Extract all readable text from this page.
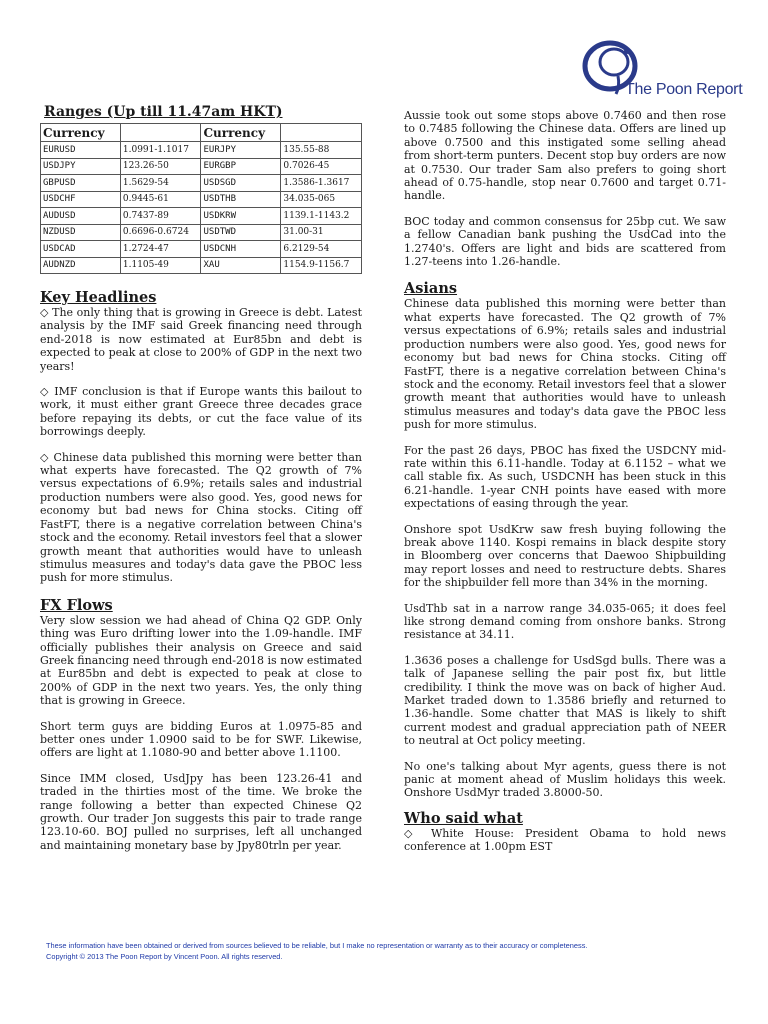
The Poon Report
Ranges (Up till 11.47am HKT)
Currency		Currency	
EURUSD	1.0991-1.1017	EURJPY	135.55-88
USDJPY	123.26-50	EURGBP	0.7026-45
GBPUSD	1.5629-54	USDSGD	1.3586-1.3617
USDCHF	0.9445-61	USDTHB	34.035-065
AUDUSD	0.7437-89	USDKRW	1139.1-1143.2
NZDUSD	0.6696-0.6724	USDTWD	31.00-31
USDCAD	1.2724-47	USDCNH	6.2129-54
AUDNZD	1.1105-49	XAU	1154.9-1156.7
Key Headlines

◇ The only thing that is growing in Greece is debt. Latest analysis by the IMF said Greek financing need through end-2018 is now estimated at Eur85bn and debt is expected to peak at close to 200% of GDP in the next two years!

◇ IMF conclusion is that if Europe wants this bailout to work, it must either grant Greece three decades grace before repaying its debts, or cut the face value of its borrowings deeply.

◇ Chinese data published this morning were better than what experts have forecasted. The Q2 growth of 7% versus expectations of 6.9%; retails sales and industrial production numbers were also good. Yes, good news for economy but bad news for China stocks. Citing off FastFT, there is a negative correlation between China's stock and the economy. Retail investors feel that a slower growth meant that authorities would have to unleash stimulus measures and today's data gave the PBOC less push for more stimulus.

FX Flows

Very slow session we had ahead of China Q2 GDP. Only thing was Euro drifting lower into the 1.09-handle. IMF officially publishes their analysis on Greece and said Greek financing need through end-2018 is now estimated at Eur85bn and debt is expected to peak at close to 200% of GDP in the next two years. Yes, the only thing that is growing in Greece.

Short term guys are bidding Euros at 1.0975-85 and better ones under 1.0900 said to be for SWF. Likewise, offers are light at 1.1080-90 and better above 1.1100.

Since IMM closed, UsdJpy has been 123.26-41 and traded in the thirties most of the time. We broke the range following a better than expected Chinese Q2 growth. Our trader Jon suggests this pair to trade range 123.10-60. BOJ pulled no surprises, left all unchanged and maintaining monetary base by Jpy80trln per year.

Aussie took out some stops above 0.7460 and then rose to 0.7485 following the Chinese data. Offers are lined up above 0.7500 and this instigated some selling ahead from short-term punters. Decent stop buy orders are now at 0.7530. Our trader Sam also prefers to going short ahead of 0.75-handle, stop near 0.7600 and target 0.71-handle.

BOC today and common consensus for 25bp cut. We saw a fellow Canadian bank pushing the UsdCad into the 1.2740's. Offers are light and bids are scattered from 1.27-teens into 1.26-handle.

Asians

Chinese data published this morning were better than what experts have forecasted. The Q2 growth of 7% versus expectations of 6.9%; retails sales and industrial production numbers were also good. Yes, good news for economy but bad news for China stocks. Citing off FastFT, there is a negative correlation between China's stock and the economy. Retail investors feel that a slower growth meant that authorities would have to unleash stimulus measures and today's data gave the PBOC less push for more stimulus.

For the past 26 days, PBOC has fixed the USDCNY mid-rate within this 6.11-handle. Today at 6.1152 – what we call stable fix. As such, USDCNH has been stuck in this 6.21-handle. 1-year CNH points have eased with more expectations of easing through the year.

Onshore spot UsdKrw saw fresh buying following the break above 1140. Kospi remains in black despite story in Bloomberg over concerns that Daewoo Shipbuilding may report losses and need to restructure debts. Shares for the shipbuilder fell more than 34% in the morning.

UsdThb sat in a narrow range 34.035-065; it does feel like strong demand coming from onshore banks. Strong resistance at 34.11.

1.3636 poses a challenge for UsdSgd bulls. There was a talk of Japanese selling the pair post fix, but little credibility. I think the move was on back of higher Aud. Market traded down to 1.3586 briefly and returned to 1.36-handle. Some chatter that MAS is likely to shift current modest and gradual appreciation path of NEER to neutral at Oct policy meeting.

No one's talking about Myr agents, guess there is not panic at moment ahead of Muslim holidays this week. Onshore UsdMyr traded 3.8000-50.

Who said what

◇ White House: President Obama to hold news conference at 1.00pm EST

These information have been obtained or derived from sources believed to be reliable, but I make no representation or warranty as to their accuracy or completeness.
Copyright © 2013 The Poon Report by Vincent Poon. All rights reserved.
